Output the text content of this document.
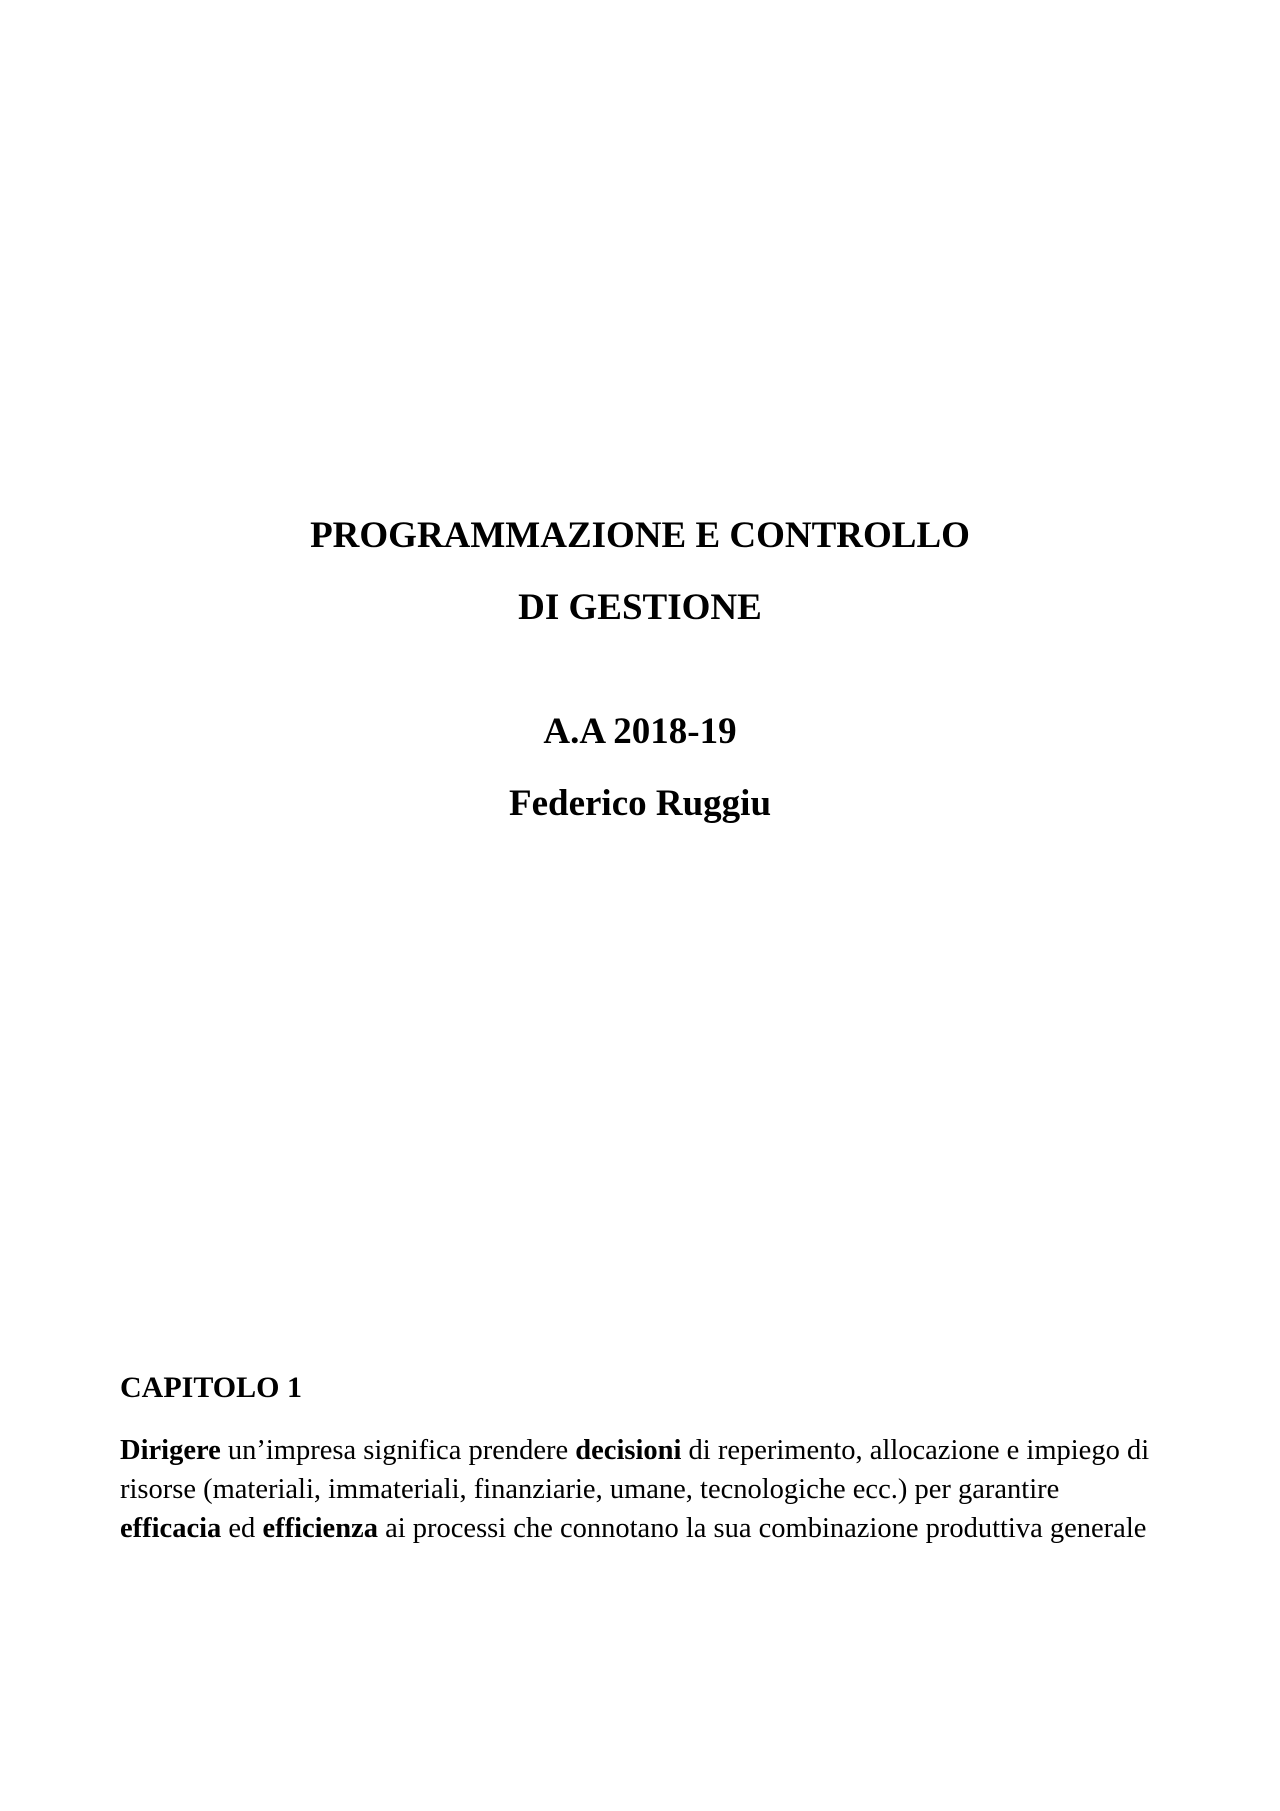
PROGRAMMAZIONE E CONTROLLO
DI GESTIONE
A.A 2018-19
Federico Ruggiu
CAPITOLO 1

Dirigere un’impresa significa prendere decisioni di reperimento, allocazione e impiego di risorse (materiali, immateriali, finanziarie, umane, tecnologiche ecc.) per garantire efficacia ed efficienza ai processi che connotano la sua combinazione produttiva generale
